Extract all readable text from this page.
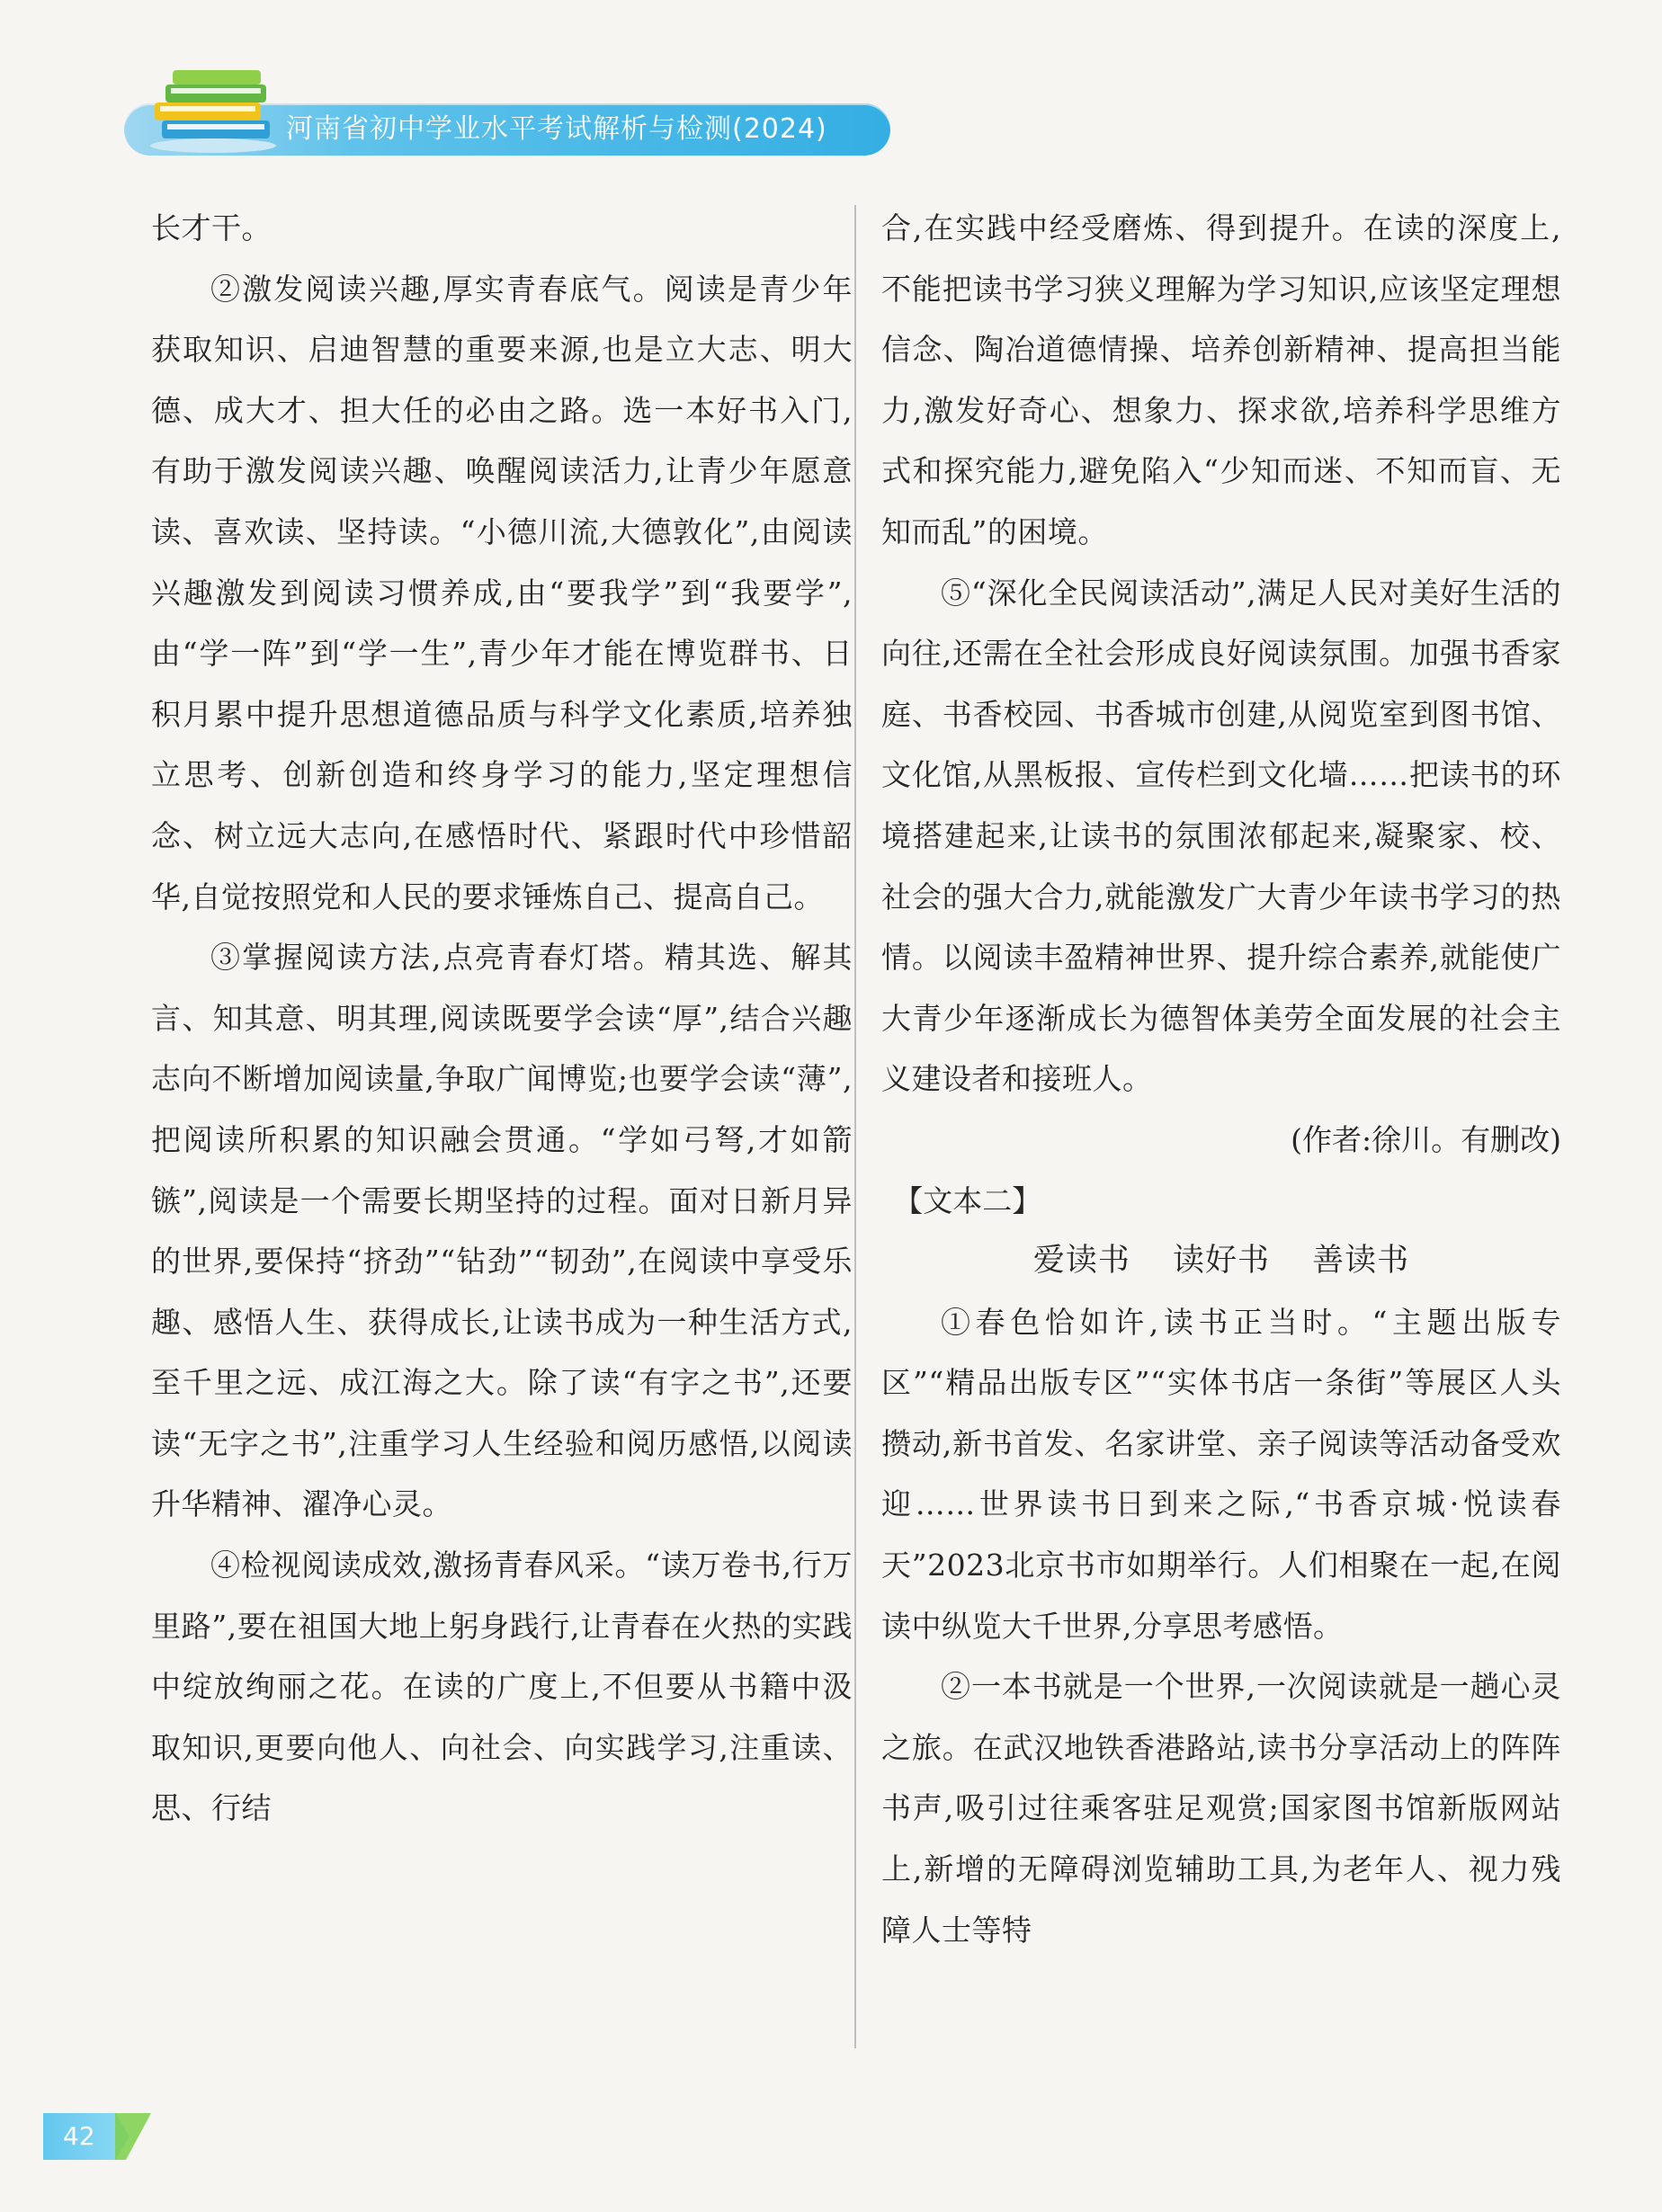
河南省初中学业水平考试解析与检测(2024)

长才干。

②激发阅读兴趣,厚实青春底气。阅读是青少年获取知识、启迪智慧的重要来源,也是立大志、明大德、成大才、担大任的必由之路。选一本好书入门,有助于激发阅读兴趣、唤醒阅读活力,让青少年愿意读、喜欢读、坚持读。“小德川流,大德敦化”,由阅读兴趣激发到阅读习惯养成,由“要我学”到“我要学”,由“学一阵”到“学一生”,青少年才能在博览群书、日积月累中提升思想道德品质与科学文化素质,培养独立思考、创新创造和终身学习的能力,坚定理想信念、树立远大志向,在感悟时代、紧跟时代中珍惜韶华,自觉按照党和人民的要求锤炼自己、提高自己。

③掌握阅读方法,点亮青春灯塔。精其选、解其言、知其意、明其理,阅读既要学会读“厚”,结合兴趣志向不断增加阅读量,争取广闻博览;也要学会读“薄”,把阅读所积累的知识融会贯通。“学如弓弩,才如箭镞”,阅读是一个需要长期坚持的过程。面对日新月异的世界,要保持“挤劲”“钻劲”“韧劲”,在阅读中享受乐趣、感悟人生、获得成长,让读书成为一种生活方式,至千里之远、成江海之大。除了读“有字之书”,还要读“无字之书”,注重学习人生经验和阅历感悟,以阅读升华精神、濯净心灵。

④检视阅读成效,激扬青春风采。“读万卷书,行万里路”,要在祖国大地上躬身践行,让青春在火热的实践中绽放绚丽之花。在读的广度上,不但要从书籍中汲取知识,更要向他人、向社会、向实践学习,注重读、思、行结

合,在实践中经受磨炼、得到提升。在读的深度上,不能把读书学习狭义理解为学习知识,应该坚定理想信念、陶冶道德情操、培养创新精神、提高担当能力,激发好奇心、想象力、探求欲,培养科学思维方式和探究能力,避免陷入“少知而迷、不知而盲、无知而乱”的困境。

⑤“深化全民阅读活动”,满足人民对美好生活的向往,还需在全社会形成良好阅读氛围。加强书香家庭、书香校园、书香城市创建,从阅览室到图书馆、文化馆,从黑板报、宣传栏到文化墙……把读书的环境搭建起来,让读书的氛围浓郁起来,凝聚家、校、社会的强大合力,就能激发广大青少年读书学习的热情。以阅读丰盈精神世界、提升综合素养,就能使广大青少年逐渐成长为德智体美劳全面发展的社会主义建设者和接班人。

(作者:徐川。有删改)

【文本二】

爱读书 读好书 善读书

①春色恰如许,读书正当时。“主题出版专区”“精品出版专区”“实体书店一条街”等展区人头攒动,新书首发、名家讲堂、亲子阅读等活动备受欢迎……世界读书日到来之际,“书香京城·悦读春天”2023北京书市如期举行。人们相聚在一起,在阅读中纵览大千世界,分享思考感悟。

②一本书就是一个世界,一次阅读就是一趟心灵之旅。在武汉地铁香港路站,读书分享活动上的阵阵书声,吸引过往乘客驻足观赏;国家图书馆新版网站上,新增的无障碍浏览辅助工具,为老年人、视力残障人士等特

42
